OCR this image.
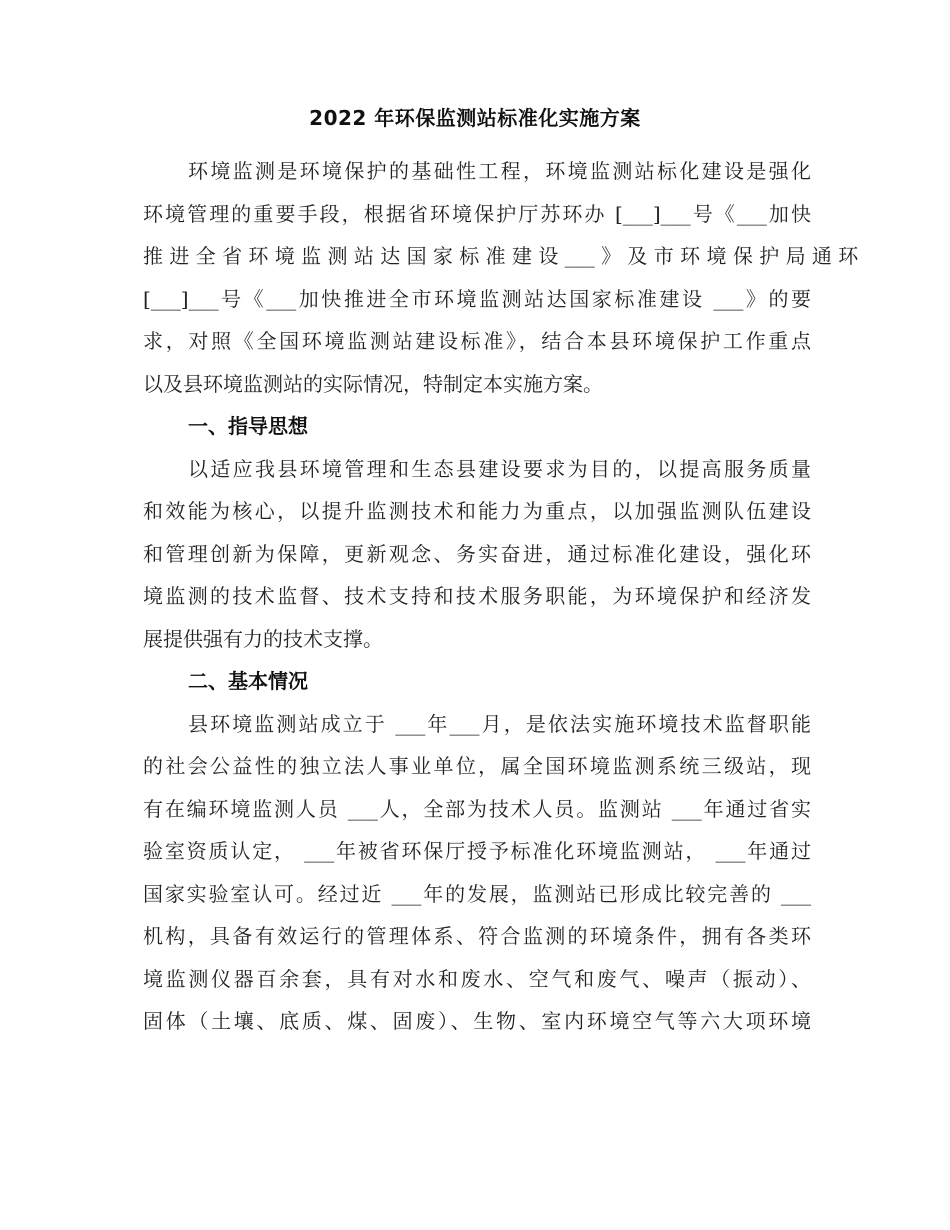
2022 年环保监测站标准化实施方案
环境监测是环境保护的基础性工程，环境监测站标化建设是强化
环境管理的重要手段，根据省环境保护厅苏环办 [___]___号《___加快
推 进 全 省 环 境 监 测 站 达 国 家 标 准 建 设 ___ 》 及 市 环 境 保 护 局 通 环
[___]___号《___加快推进全市环境监测站达国家标准建设 ___》的要
求，对照《全国环境监测站建设标准》，结合本县环境保护工作重点
以及县环境监测站的实际情况，特制定本实施方案。
一、指导思想
以适应我县环境管理和生态县建设要求为目的，以提高服务质量
和效能为核心，以提升监测技术和能力为重点，以加强监测队伍建设
和管理创新为保障，更新观念、务实奋进，通过标准化建设，强化环
境监测的技术监督、技术支持和技术服务职能，为环境保护和经济发
展提供强有力的技术支撑。
二、基本情况
县环境监测站成立于 ___年___月，是依法实施环境技术监督职能
的社会公益性的独立法人事业单位，属全国环境监测系统三级站，现
有在编环境监测人员 ___人，全部为技术人员。监测站 ___年通过省实
验室资质认定， ___年被省环保厅授予标准化环境监测站， ___年通过
国家实验室认可。经过近 ___年的发展，监测站已形成比较完善的 ___
机构，具备有效运行的管理体系、符合监测的环境条件，拥有各类环
境监测仪器百余套，具有对水和废水、空气和废气、噪声（振动）、
固体（土壤、底质、煤、固废）、生物、室内环境空气等六大项环境
